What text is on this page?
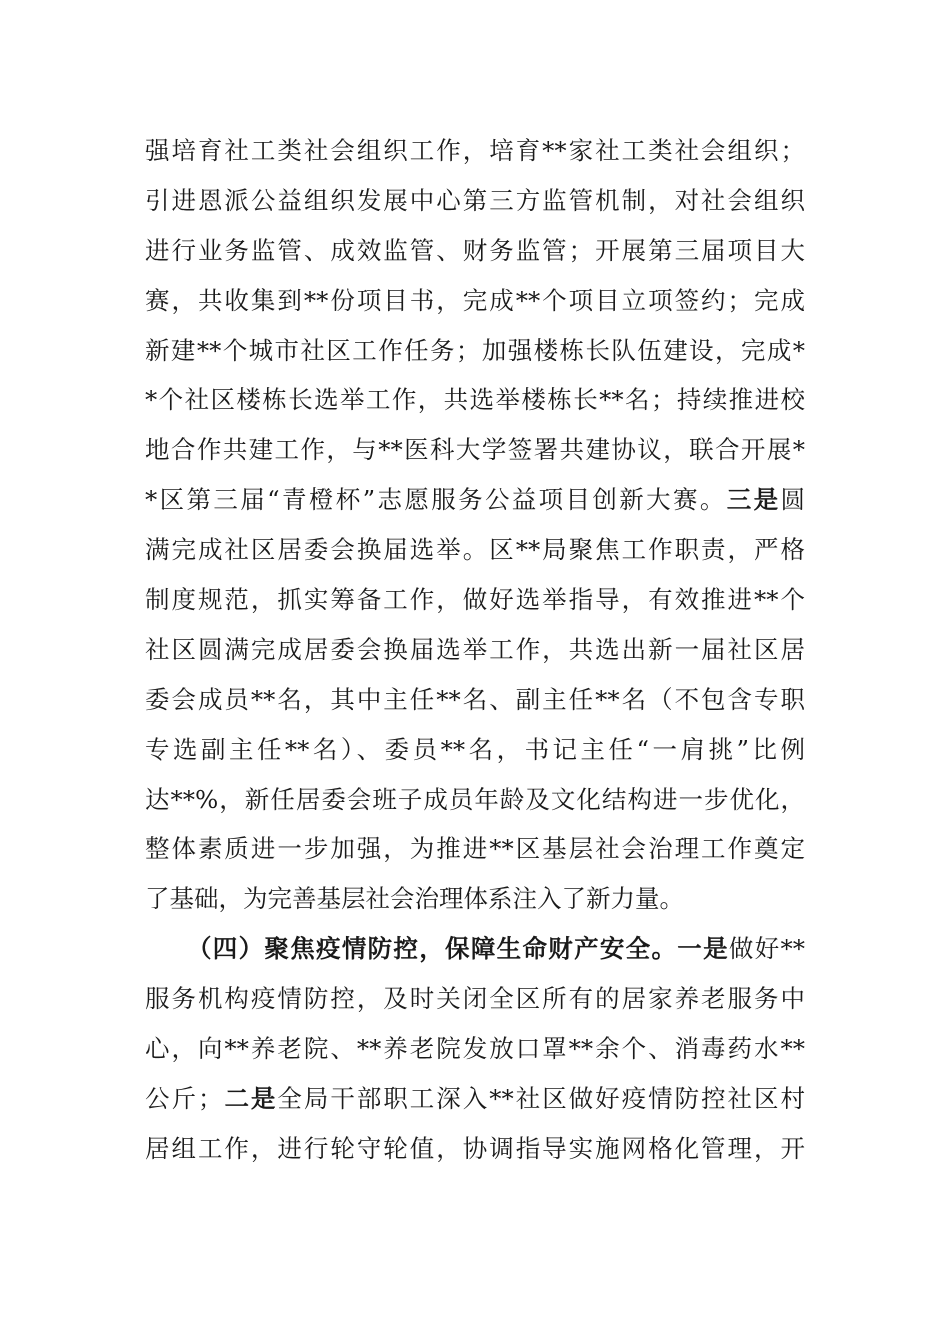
强培育社工类社会组织工作，培育**家社工类社会组织；
引进恩派公益组织发展中心第三方监管机制，对社会组织
进行业务监管、成效监管、财务监管；开展第三届项目大
赛，共收集到**份项目书，完成**个项目立项签约；完成
新建**个城市社区工作任务；加强楼栋长队伍建设，完成*
*个社区楼栋长选举工作，共选举楼栋长**名；持续推进校
地合作共建工作，与**医科大学签署共建协议，联合开展*
*区第三届“青橙杯”志愿服务公益项目创新大赛。三是圆
满完成社区居委会换届选举。区**局聚焦工作职责，严格
制度规范，抓实筹备工作，做好选举指导，有效推进**个
社区圆满完成居委会换届选举工作，共选出新一届社区居
委会成员**名，其中主任**名、副主任**名（不包含专职
专选副主任**名）、委员**名，书记主任“一肩挑”比例
达**%，新任居委会班子成员年龄及文化结构进一步优化，
整体素质进一步加强，为推进**区基层社会治理工作奠定
了基础，为完善基层社会治理体系注入了新力量。
（四）聚焦疫情防控，保障生命财产安全。一是做好**
服务机构疫情防控，及时关闭全区所有的居家养老服务中
心，向**养老院、**养老院发放口罩**余个、消毒药水**
公斤；二是全局干部职工深入**社区做好疫情防控社区村
居组工作，进行轮守轮值，协调指导实施网格化管理，开
